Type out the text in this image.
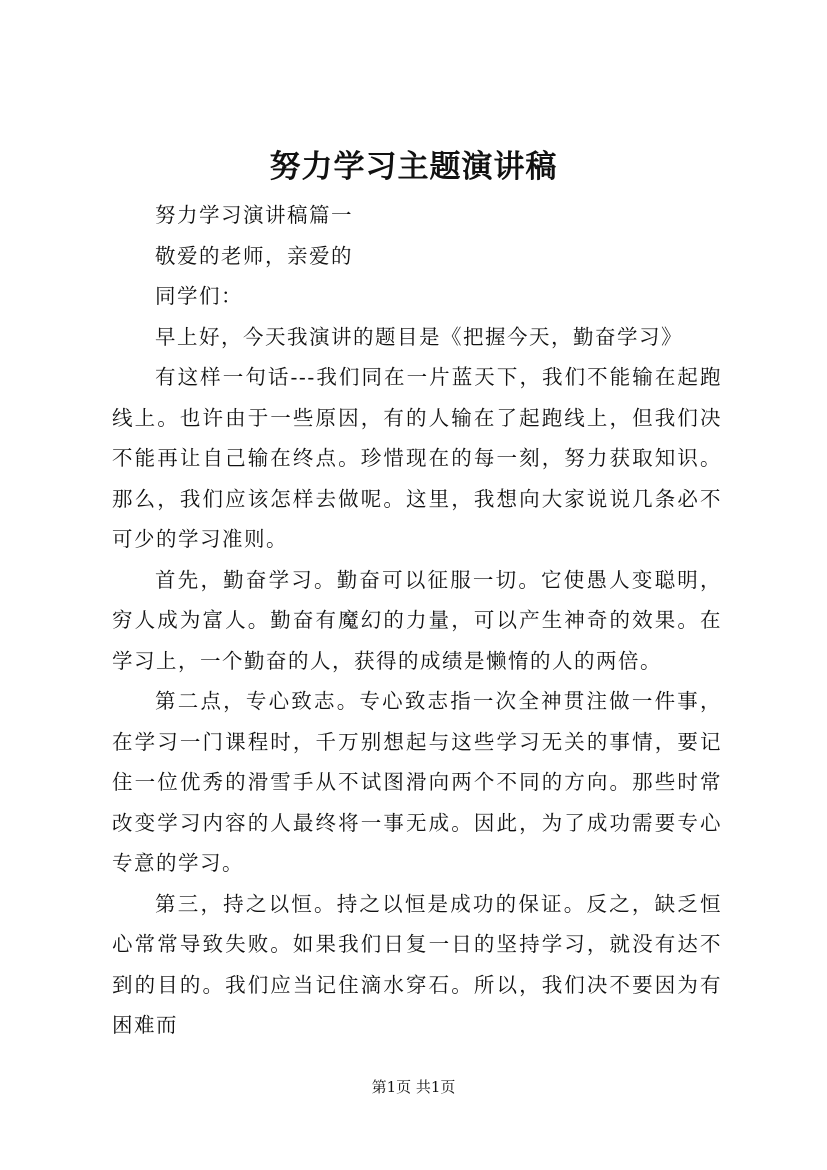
努力学习主题演讲稿

努力学习演讲稿篇一

敬爱的老师，亲爱的

同学们：

早上好，今天我演讲的题目是《把握今天，勤奋学习》

有这样一句话---我们同在一片蓝天下，我们不能输在起跑线上。也许由于一些原因，有的人输在了起跑线上，但我们决不能再让自己输在终点。珍惜现在的每一刻，努力获取知识。那么，我们应该怎样去做呢。这里，我想向大家说说几条必不可少的学习准则。

首先，勤奋学习。勤奋可以征服一切。它使愚人变聪明，穷人成为富人。勤奋有魔幻的力量，可以产生神奇的效果。在学习上，一个勤奋的人，获得的成绩是懒惰的人的两倍。

第二点，专心致志。专心致志指一次全神贯注做一件事，在学习一门课程时，千万别想起与这些学习无关的事情，要记住一位优秀的滑雪手从不试图滑向两个不同的方向。那些时常改变学习内容的人最终将一事无成。因此，为了成功需要专心专意的学习。

第三，持之以恒。持之以恒是成功的保证。反之，缺乏恒心常常导致失败。如果我们日复一日的坚持学习，就没有达不到的目的。我们应当记住滴水穿石。所以，我们决不要因为有困难而

第1页 共1页
